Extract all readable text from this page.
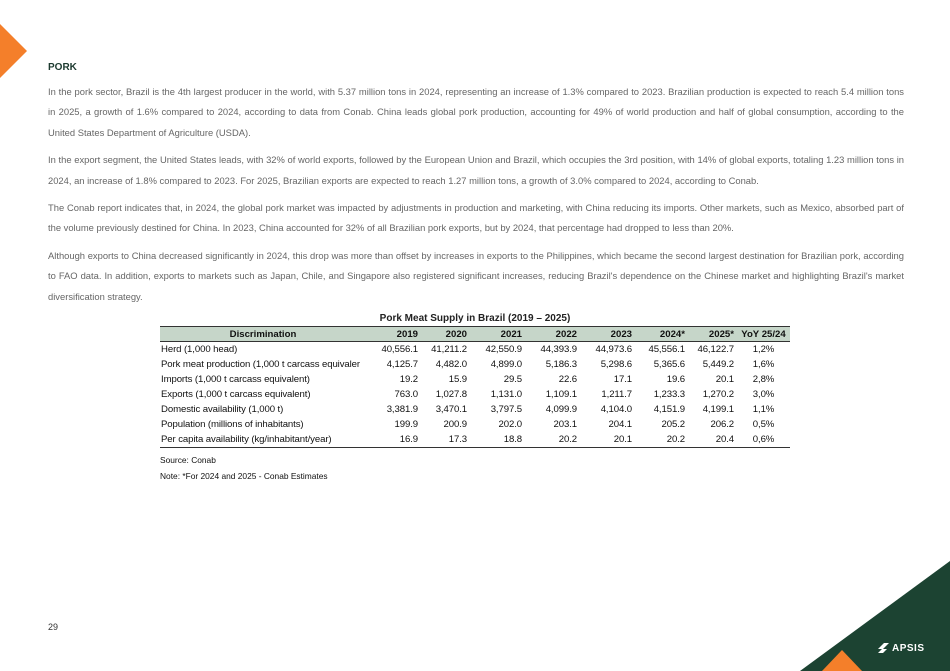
PORK

In the pork sector, Brazil is the 4th largest producer in the world, with 5.37 million tons in 2024, representing an increase of 1.3% compared to 2023. Brazilian production is expected to reach 5.4 million tons in 2025, a growth of 1.6% compared to 2024, according to data from Conab. China leads global pork production, accounting for 49% of world production and half of global consumption, according to the United States Department of Agriculture (USDA).

In the export segment, the United States leads, with 32% of world exports, followed by the European Union and Brazil, which occupies the 3rd position, with 14% of global exports, totaling 1.23 million tons in 2024, an increase of 1.8% compared to 2023. For 2025, Brazilian exports are expected to reach 1.27 million tons, a growth of 3.0% compared to 2024, according to Conab.

The Conab report indicates that, in 2024, the global pork market was impacted by adjustments in production and marketing, with China reducing its imports. Other markets, such as Mexico, absorbed part of the volume previously destined for China. In 2023, China accounted for 32% of all Brazilian pork exports, but by 2024, that percentage had dropped to less than 20%.

Although exports to China decreased significantly in 2024, this drop was more than offset by increases in exports to the Philippines, which became the second largest destination for Brazilian pork, according to FAO data. In addition, exports to markets such as Japan, Chile, and Singapore also registered significant increases, reducing Brazil's dependence on the Chinese market and highlighting Brazil's market diversification strategy.

Pork Meat Supply in Brazil (2019 – 2025)
Discrimination	2019	2020	2021	2022	2023	2024*	2025*	YoY 25/24
Herd (1,000 head)	40,556.1	41,211.2	42,550.9	44,393.9	44,973.6	45,556.1	46,122.7	1,2%
Pork meat production (1,000 t carcass equivaler	4,125.7	4,482.0	4,899.0	5,186.3	5,298.6	5,365.6	5,449.2	1,6%
Imports (1,000 t carcass equivalent)	19.2	15.9	29.5	22.6	17.1	19.6	20.1	2,8%
Exports (1,000 t carcass equivalent)	763.0	1,027.8	1,131.0	1,109.1	1,211.7	1,233.3	1,270.2	3,0%
Domestic availability (1,000 t)	3,381.9	3,470.1	3,797.5	4,099.9	4,104.0	4,151.9	4,199.1	1,1%
Population (millions of inhabitants)	199.9	200.9	202.0	203.1	204.1	205.2	206.2	0,5%
Per capita availability (kg/inhabitant/year)	16.9	17.3	18.8	20.2	20.1	20.2	20.4	0,6%
Source: Conab
Note: *For 2024 and 2025 - Conab Estimates
29
APSIS
